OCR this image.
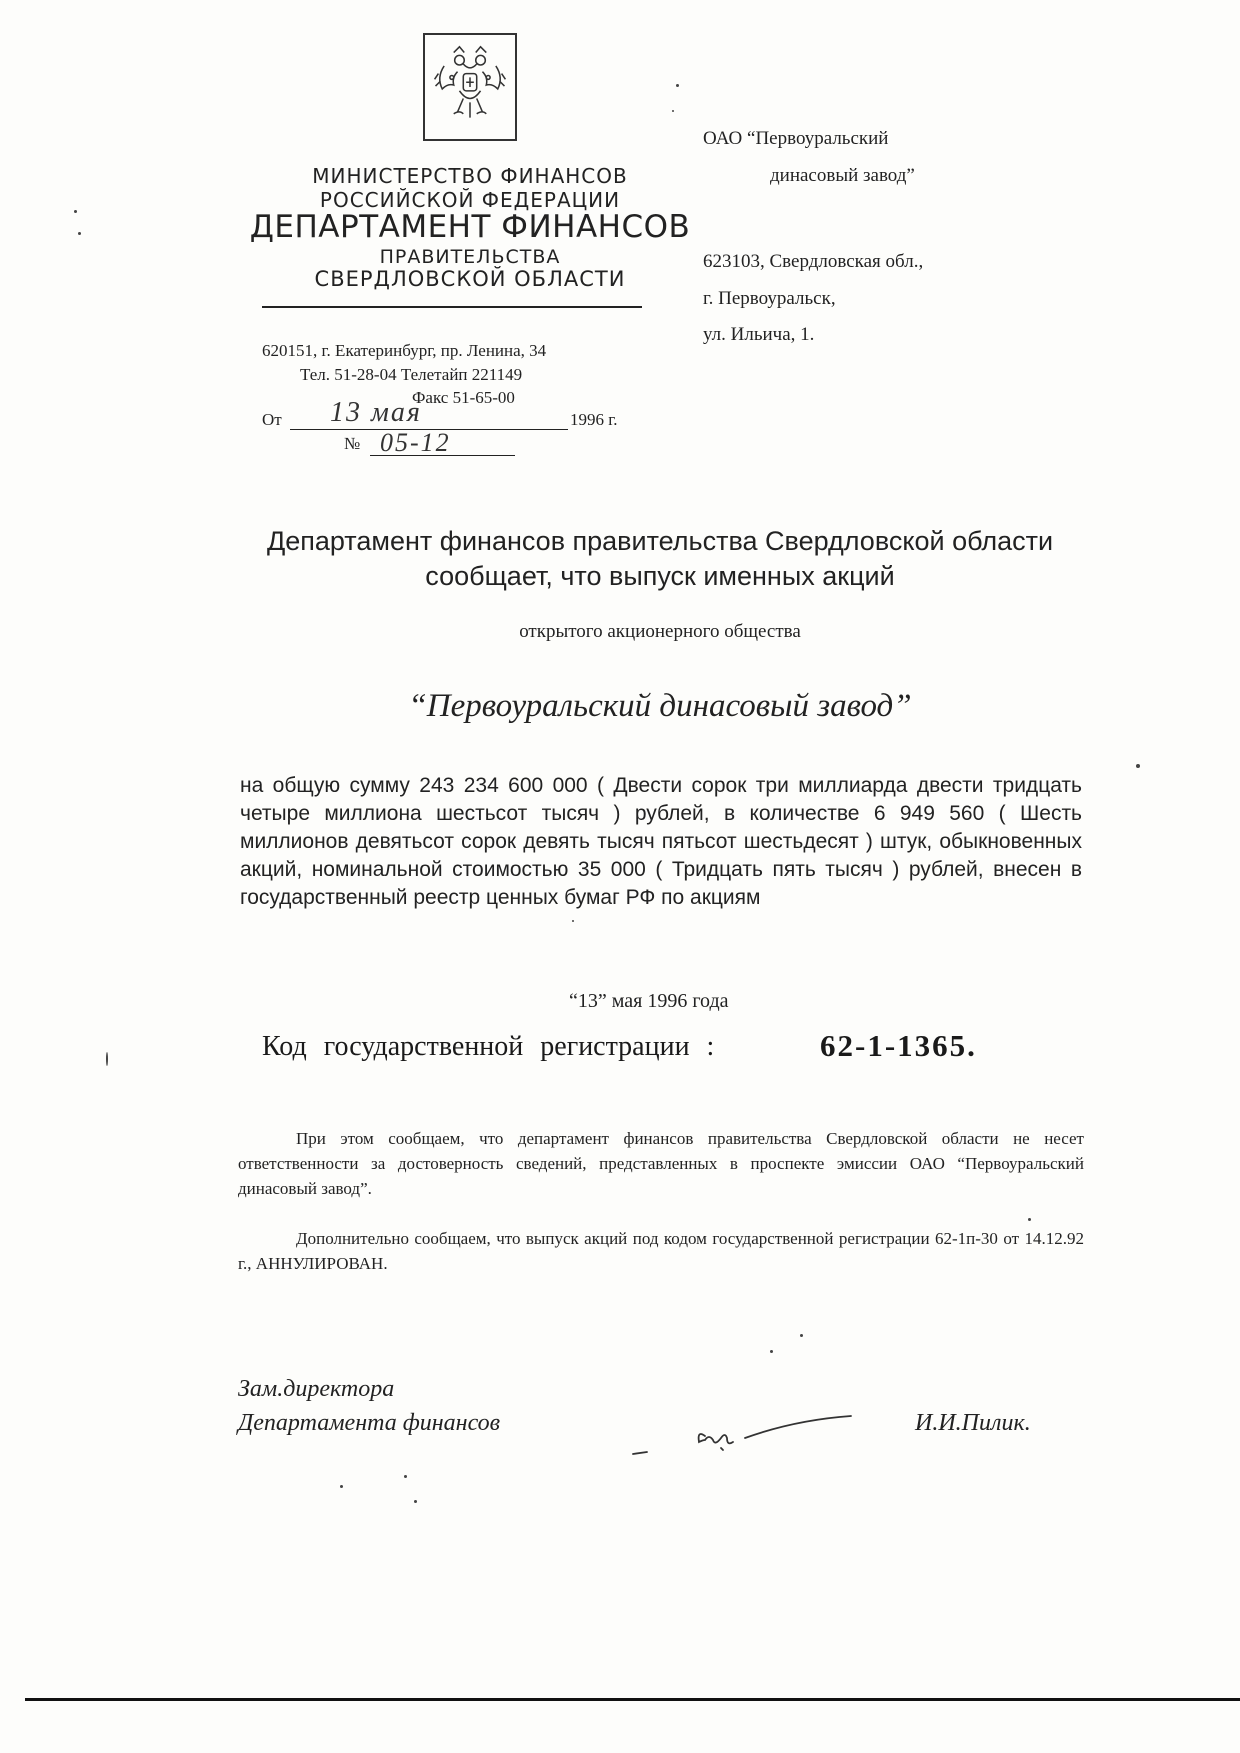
МИНИСТЕРСТВО ФИНАНСОВ
РОССИЙСКОЙ ФЕДЕРАЦИИ
ДЕПАРТАМЕНТ ФИНАНСОВ
ПРАВИТЕЛЬСТВА
СВЕРДЛОВСКОЙ ОБЛАСТИ
620151, г. Екатеринбург, пр. Ленина, 34
Тел. 51-28-04 Телетайп 221149
Факс 51-65-00
От 13 мая	1996 г.
№ 05-12
ОАО “Первоуральский
динасовый завод”
623103, Свердловская обл.,
г. Первоуральск,
ул. Ильича, 1.
Департамент финансов правительства Свердловской области
сообщает, что выпуск именных акций
открытого акционерного общества
“Первоуральский динасовый завод”
на общую сумму 243 234 600 000 ( Двести сорок три миллиарда двести тридцать четыре миллиона шестьсот тысяч ) рублей, в количестве 6 949 560 ( Шесть миллионов девятьсот сорок девять тысяч пятьсот шестьдесят ) штук, обыкновенных акций, номинальной стоимостью 35 000 ( Тридцать пять тысяч ) рублей, внесен в государственный реестр ценных бумаг РФ по акциям
“13” мая 1996 года
Код государственной регистрации :	62-1-1365.
При этом сообщаем, что департамент финансов правительства Свердловской области не несет ответственности за достоверность сведений, представленных в проспекте эмиссии ОАО “Первоуральский динасовый завод”.
Дополнительно сообщаем, что выпуск акций под кодом государственной регистрации 62-1п-30 от 14.12.92 г., АННУЛИРОВАН.
Зам.директора
Департамента финансов	И.И.Пилик.
